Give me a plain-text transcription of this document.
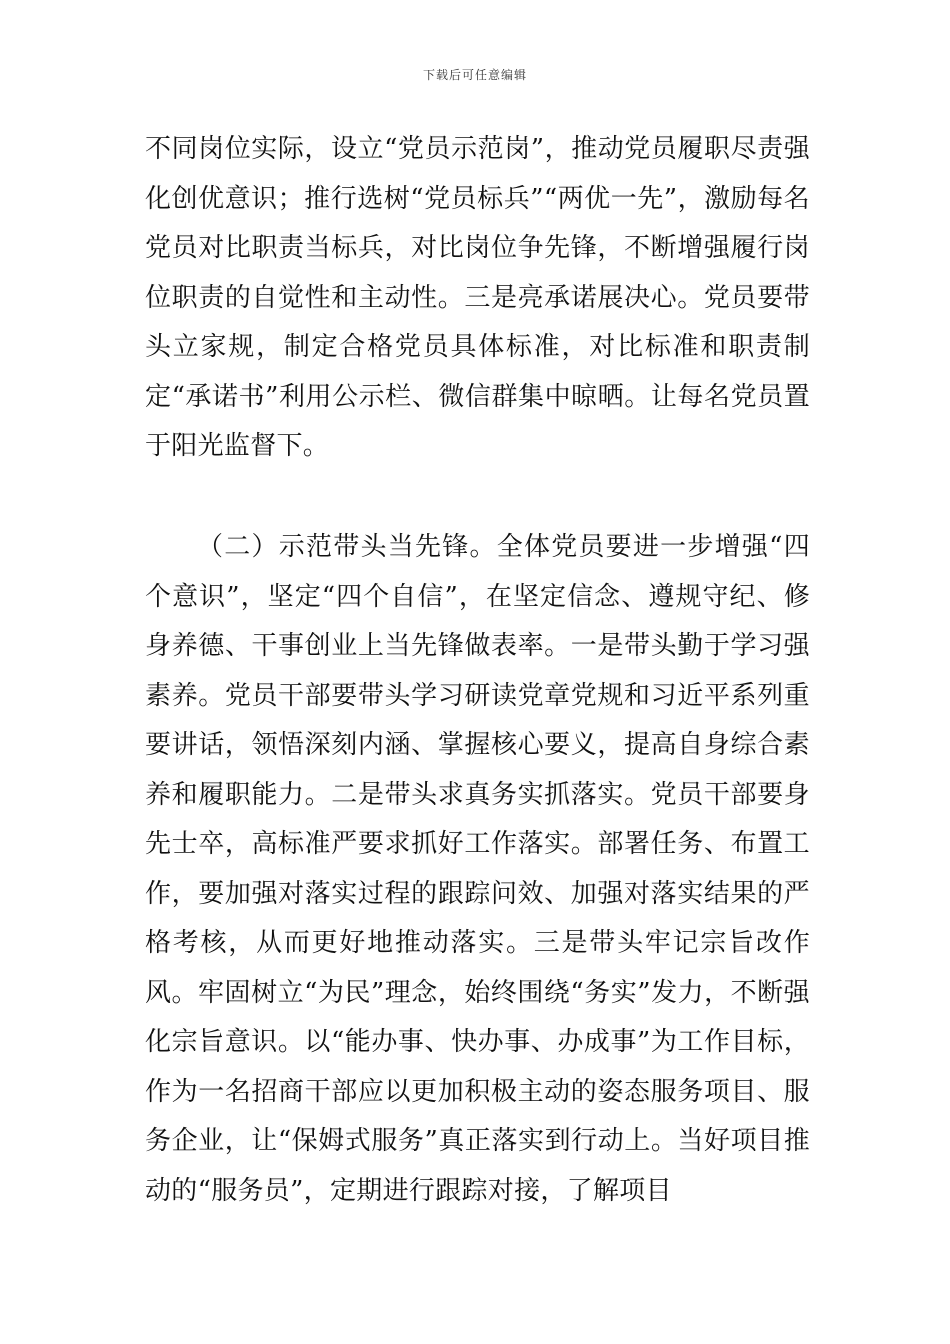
下载后可任意编辑

不同岗位实际，设立“党员示范岗”，推动党员履职尽责强化创优意识；推行选树“党员标兵”“两优一先”，激励每名党员对比职责当标兵，对比岗位争先锋，不断增强履行岗位职责的自觉性和主动性。三是亮承诺展决心。党员要带头立家规，制定合格党员具体标准，对比标准和职责制定“承诺书”利用公示栏、微信群集中晾晒。让每名党员置于阳光监督下。

（二）示范带头当先锋。全体党员要进一步增强“四个意识”，坚定“四个自信”，在坚定信念、遵规守纪、修身养德、干事创业上当先锋做表率。一是带头勤于学习强素养。党员干部要带头学习研读党章党规和习近平系列重要讲话，领悟深刻内涵、掌握核心要义，提高自身综合素养和履职能力。二是带头求真务实抓落实。党员干部要身先士卒，高标准严要求抓好工作落实。部署任务、布置工作，要加强对落实过程的跟踪问效、加强对落实结果的严格考核，从而更好地推动落实。三是带头牢记宗旨改作风。牢固树立“为民”理念，始终围绕“务实”发力，不断强化宗旨意识。以“能办事、快办事、办成事”为工作目标，作为一名招商干部应以更加积极主动的姿态服务项目、服务企业，让“保姆式服务”真正落实到行动上。当好项目推动的“服务员”，定期进行跟踪对接，了解项目
